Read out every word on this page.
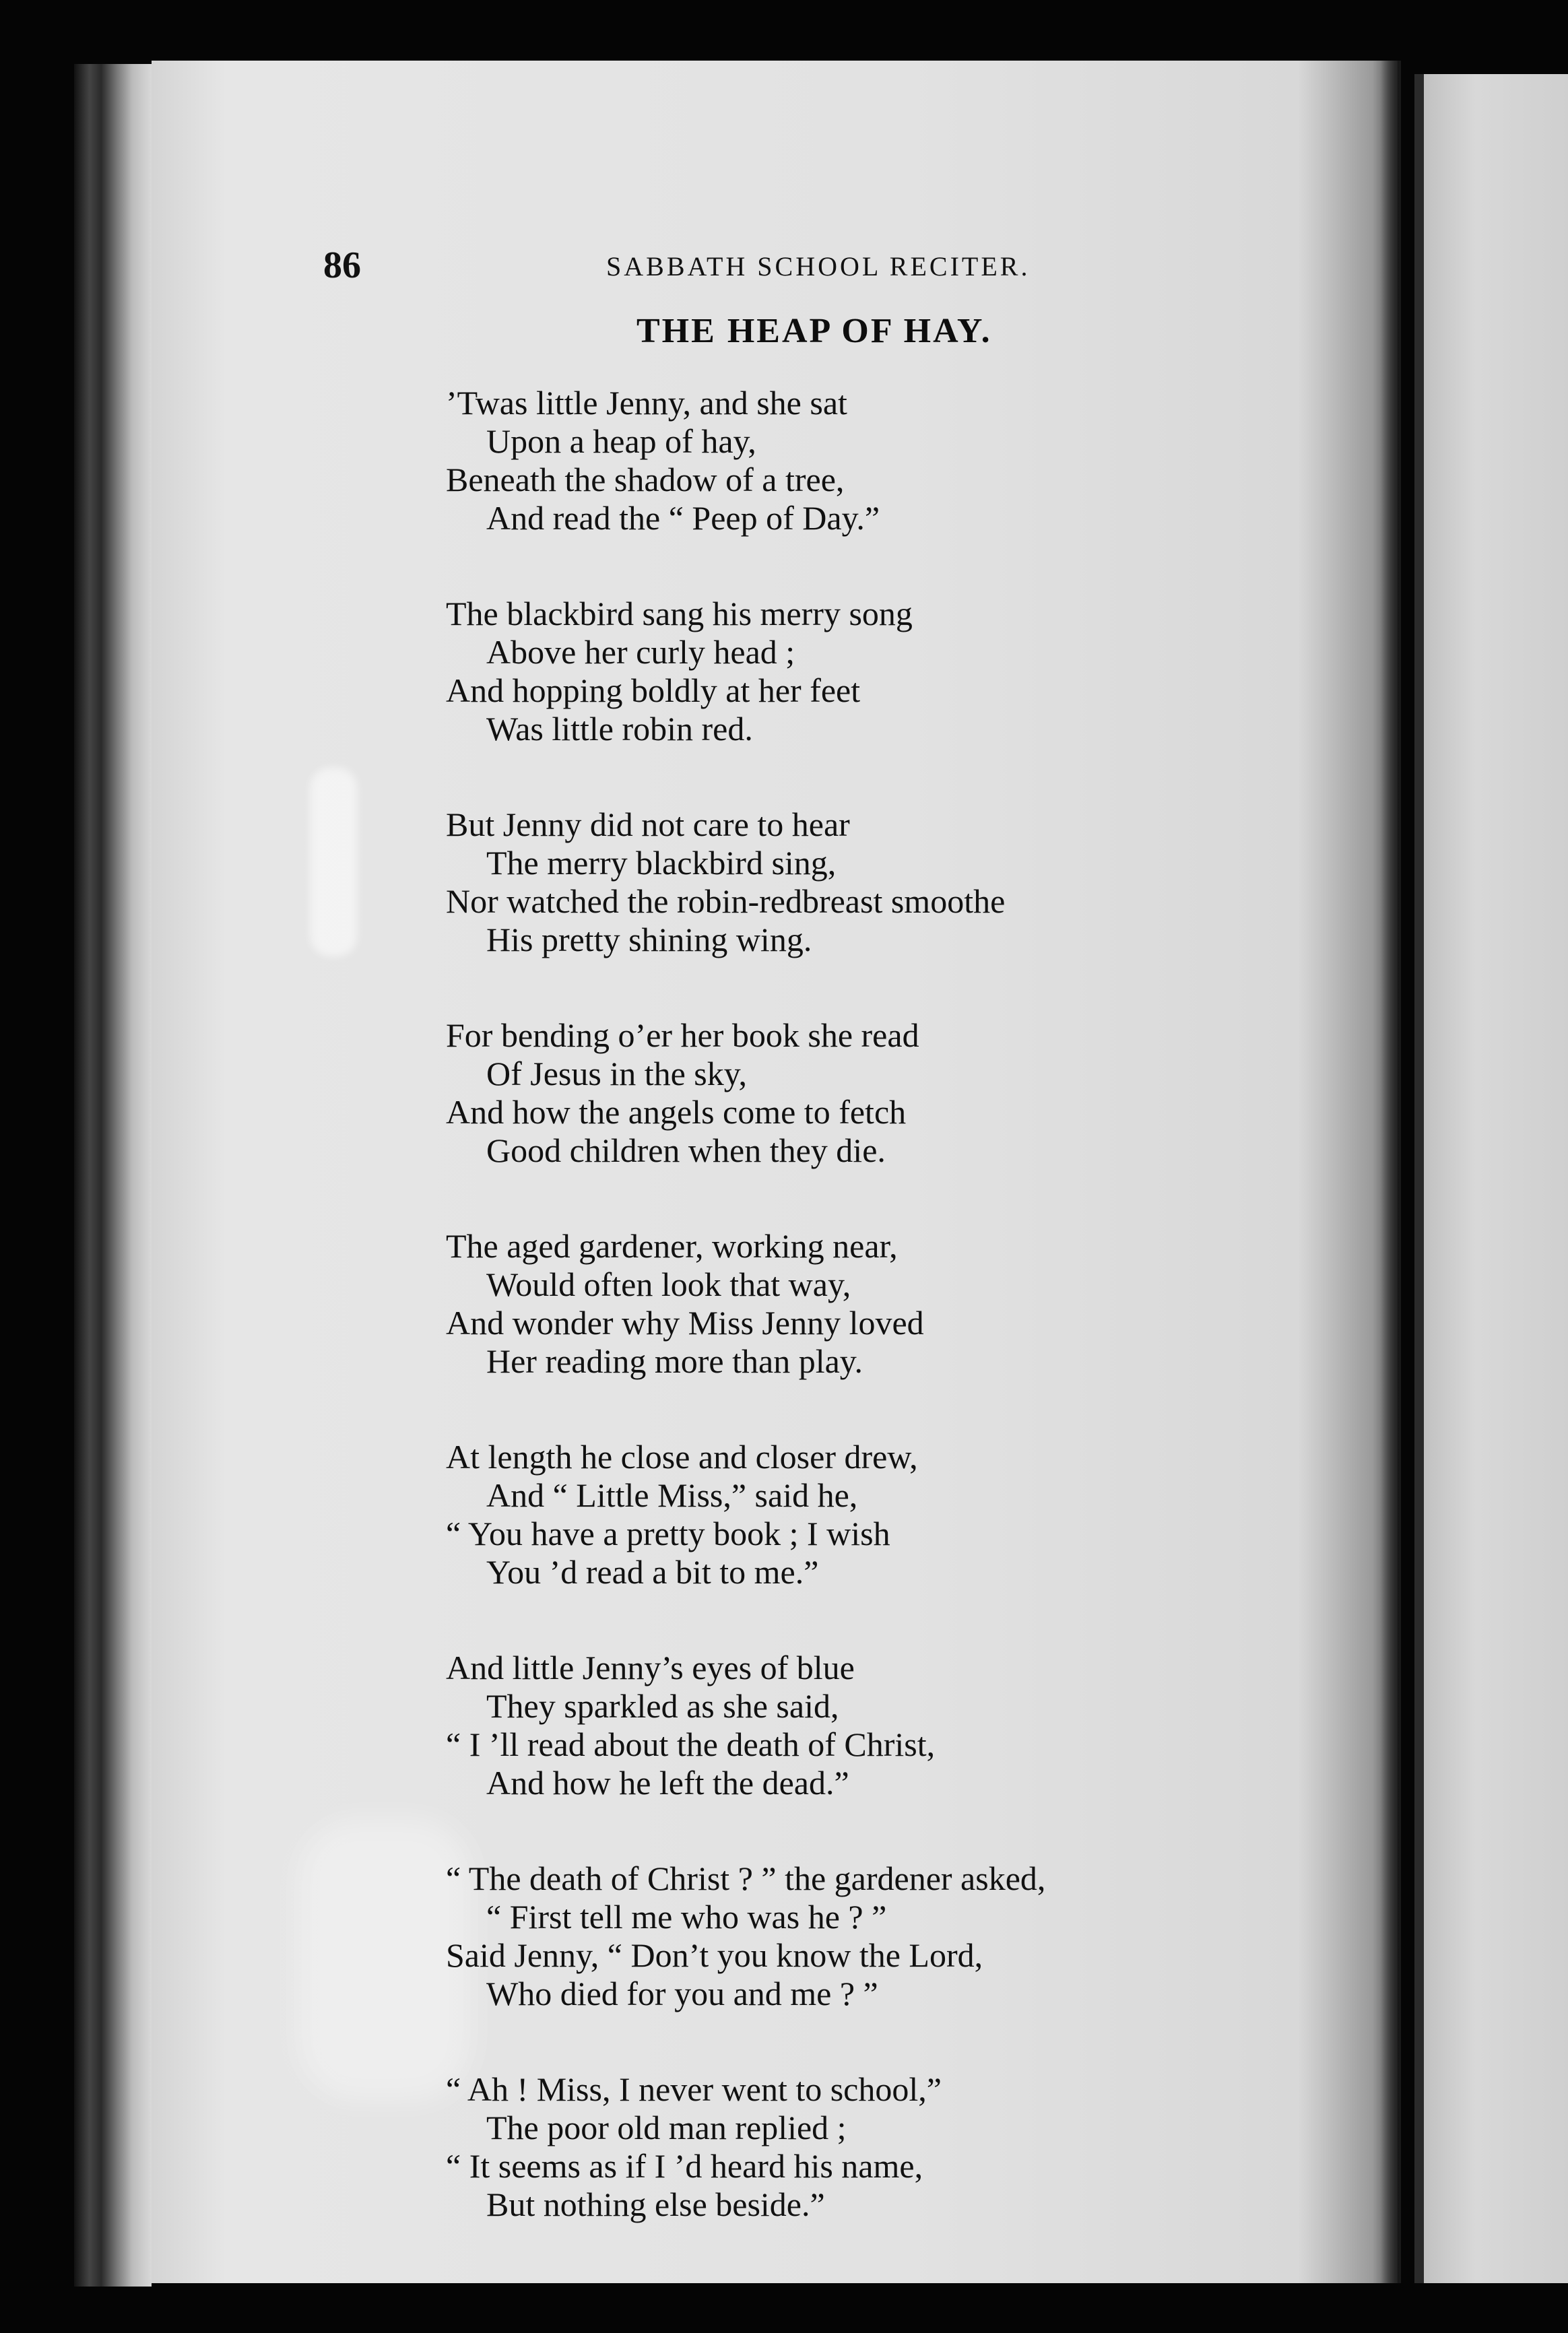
86	SABBATH SCHOOL RECITER.
THE HEAP OF HAY.
’Twas little Jenny, and she sat
Upon a heap of hay,
Beneath the shadow of a tree,
And read the “ Peep of Day.”
The blackbird sang his merry song
Above her curly head ;
And hopping boldly at her feet
Was little robin red.
But Jenny did not care to hear
The merry blackbird sing,
Nor watched the robin-redbreast smoothe
His pretty shining wing.
For bending o’er her book she read
Of Jesus in the sky,
And how the angels come to fetch
Good children when they die.
The aged gardener, working near,
Would often look that way,
And wonder why Miss Jenny loved
Her reading more than play.
At length he close and closer drew,
And “ Little Miss,” said he,
“ You have a pretty book ; I wish
You ’d read a bit to me.”
And little Jenny’s eyes of blue
They sparkled as she said,
“ I ’ll read about the death of Christ,
And how he left the dead.”
“ The death of Christ ? ” the gardener asked,
“ First tell me who was he ? ”
Said Jenny, “ Don’t you know the Lord,
Who died for you and me ? ”
“ Ah ! Miss, I never went to school,”
The poor old man replied ;
“ It seems as if I ’d heard his name,
But nothing else beside.”
